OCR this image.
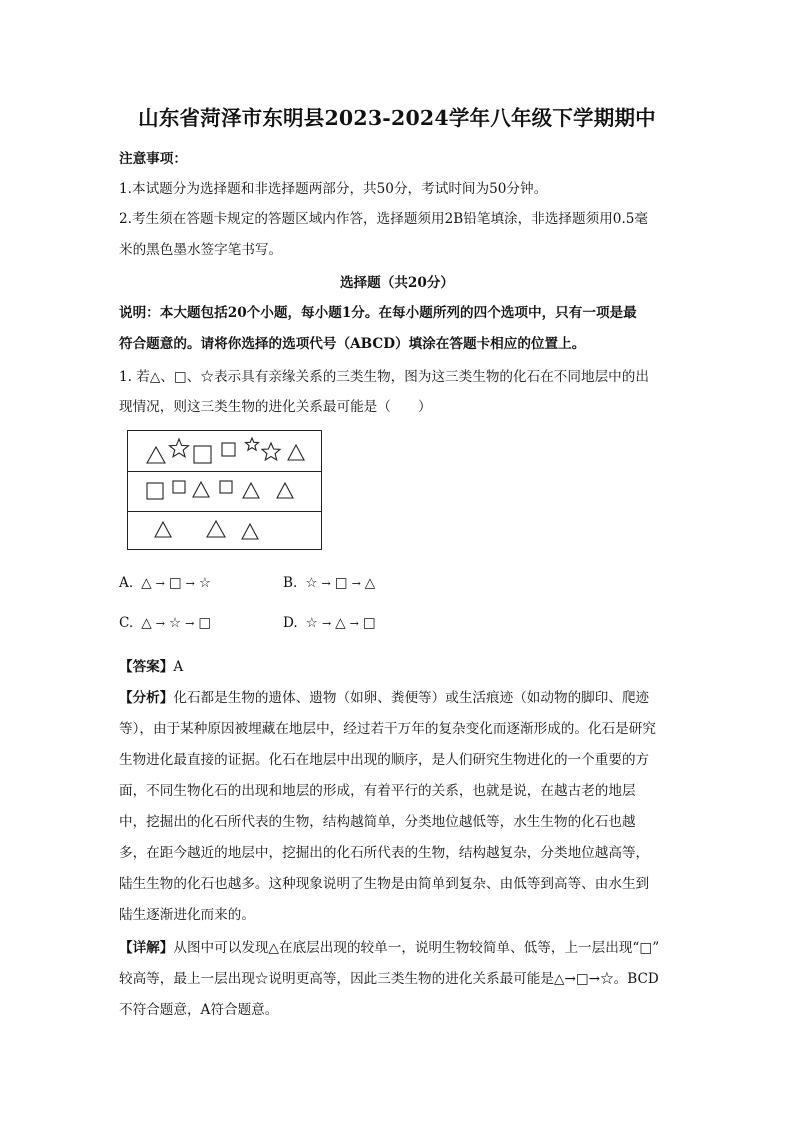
山东省菏泽市东明县2023-2024学年八年级下学期期中
注意事项：
1.本试题分为选择题和非选择题两部分，共50分，考试时间为50分钟。
2.考生须在答题卡规定的答题区域内作答，选择题须用2B铅笔填涂，非选择题须用0.5毫
米的黑色墨水签字笔书写。
选择题（共20分）
说明：本大题包括20个小题，每小题1分。在每小题所列的四个选项中，只有一项是最
符合题意的。请将你选择的选项代号（ABCD）填涂在答题卡相应的位置上。
1. 若△、□、☆表示具有亲缘关系的三类生物，图为这三类生物的化石在不同地层中的出
现情况，则这三类生物的进化关系最可能是（　　）
A. △ → □ → ☆	B. ☆ → □ → △
C. △ → ☆ → □	D. ☆ → △ → □
【答案】A
【分析】化石都是生物的遗体、遗物（如卵、粪便等）或生活痕迹（如动物的脚印、爬迹
等），由于某种原因被埋藏在地层中，经过若干万年的复杂变化而逐渐形成的。化石是研究
生物进化最直接的证据。化石在地层中出现的顺序，是人们研究生物进化的一个重要的方
面，不同生物化石的出现和地层的形成，有着平行的关系，也就是说，在越古老的地层
中，挖掘出的化石所代表的生物，结构越简单，分类地位越低等，水生生物的化石也越
多，在距今越近的地层中，挖掘出的化石所代表的生物，结构越复杂，分类地位越高等，
陆生生物的化石也越多。这种现象说明了生物是由简单到复杂、由低等到高等、由水生到
陆生逐渐进化而来的。
【详解】从图中可以发现△在底层出现的较单一，说明生物较简单、低等，上一层出现“□”
较高等，最上一层出现☆说明更高等，因此三类生物的进化关系最可能是△→□→☆。BCD
不符合题意，A符合题意。
